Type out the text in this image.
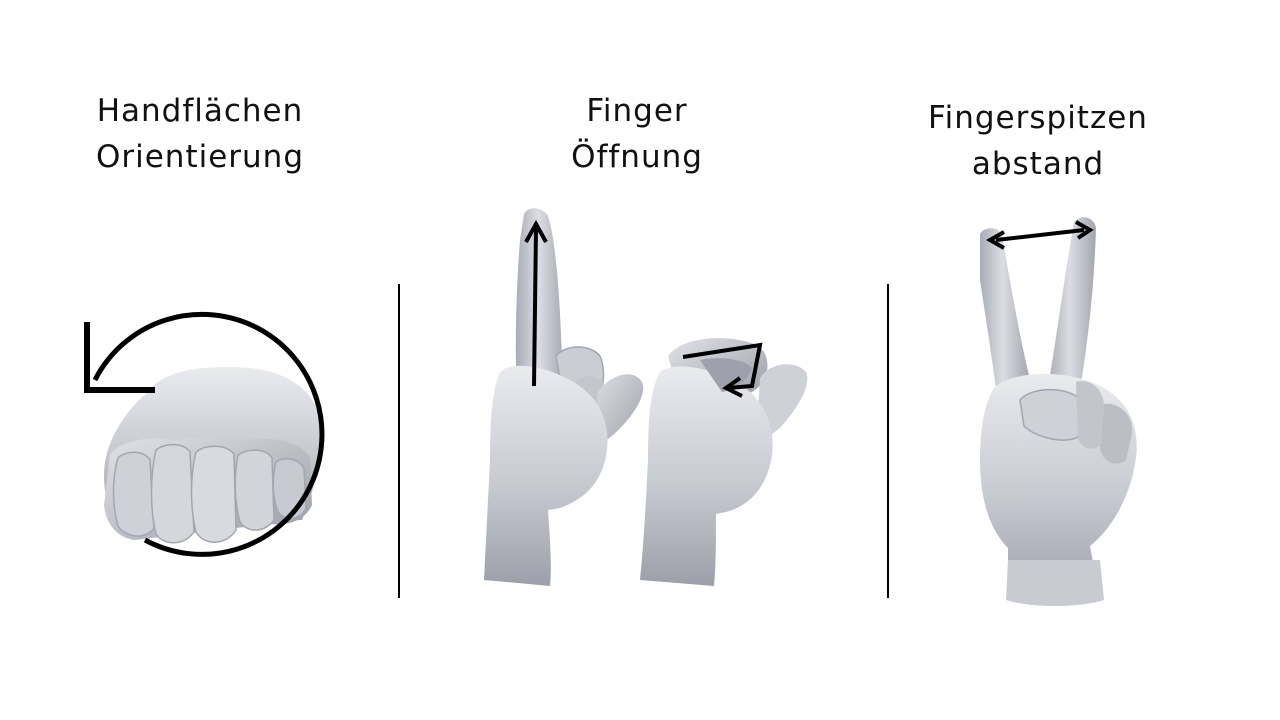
Handflächen
Orientierung
Finger
Öffnung
Fingerspitzen
abstand
